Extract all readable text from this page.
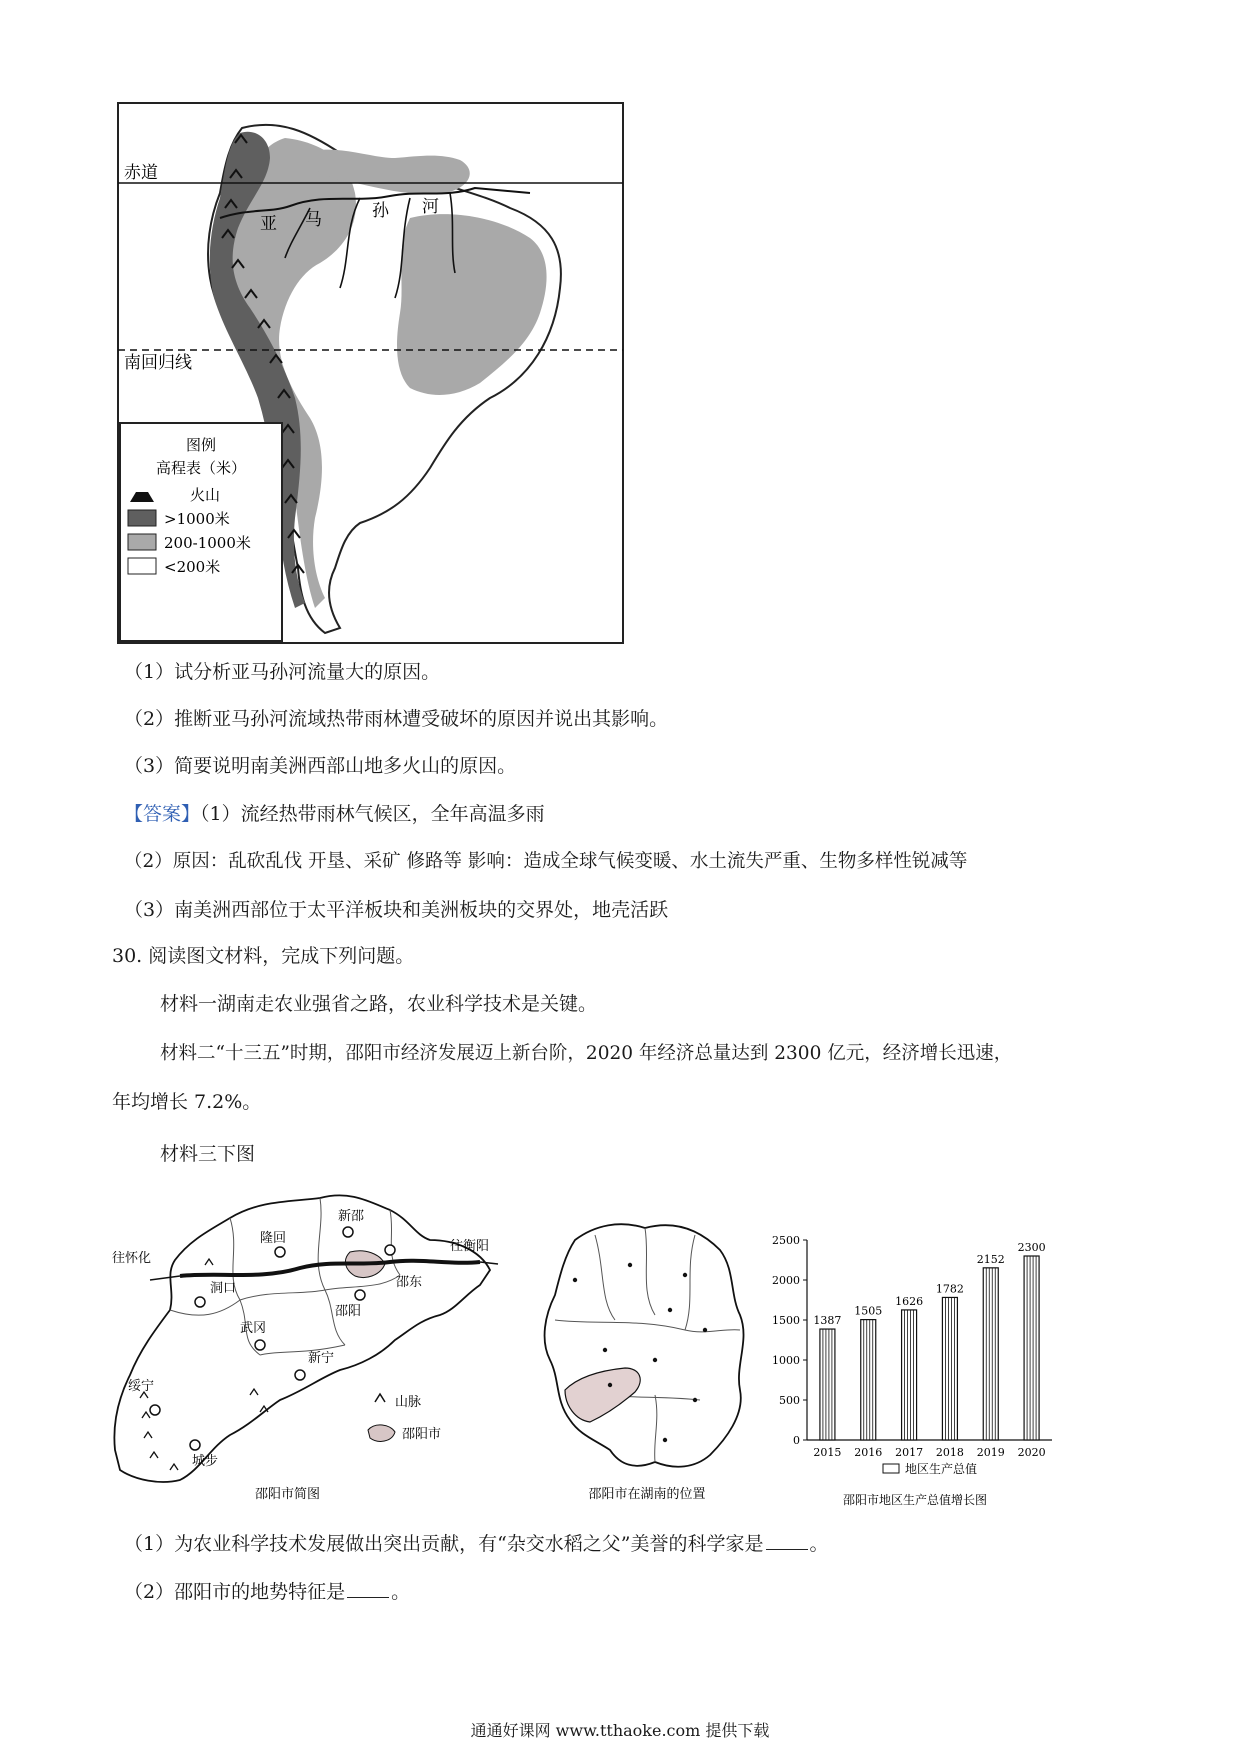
赤道
南回归线
亚 马	孙 河
图例
高程表（米）
火山
>1000米
200-1000米
<200米
（1）试分析亚马孙河流量大的原因。
（2）推断亚马孙河流域热带雨林遭受破坏的原因并说出其影响。
（3）简要说明南美洲西部山地多火山的原因。
【答案】（1）流经热带雨林气候区，全年高温多雨
（2）原因：乱砍乱伐 开垦、采矿 修路等 影响：造成全球气候变暖、水土流失严重、生物多样性锐减等
（3）南美洲西部位于太平洋板块和美洲板块的交界处，地壳活跃
30. 阅读图文材料，完成下列问题。
材料一湖南走农业强省之路，农业科学技术是关键。
材料二“十三五”时期，邵阳市经济发展迈上新台阶，2020 年经济总量达到 2300 亿元，经济增长迅速，
年均增长 7.2%。
材料三下图
新邵
隆回
洞口	邵东
邵阳
武冈
新宁
绥宁
城步
往怀化
往衡阳
山脉
邵阳市
邵阳市简图	邵阳市在湖南的位置
0
500
1000
1500
2000
2500
1387
2015
1505
2016
1626
2017
1782
2018
2152
2019
2300
2020
地区生产总值
邵阳市地区生产总值增长图
（1）为农业科学技术发展做出突出贡献，有“杂交水稻之父”美誉的科学家是 。
（2）邵阳市的地势特征是 。
通通好课网 www.tthaoke.com 提供下载
